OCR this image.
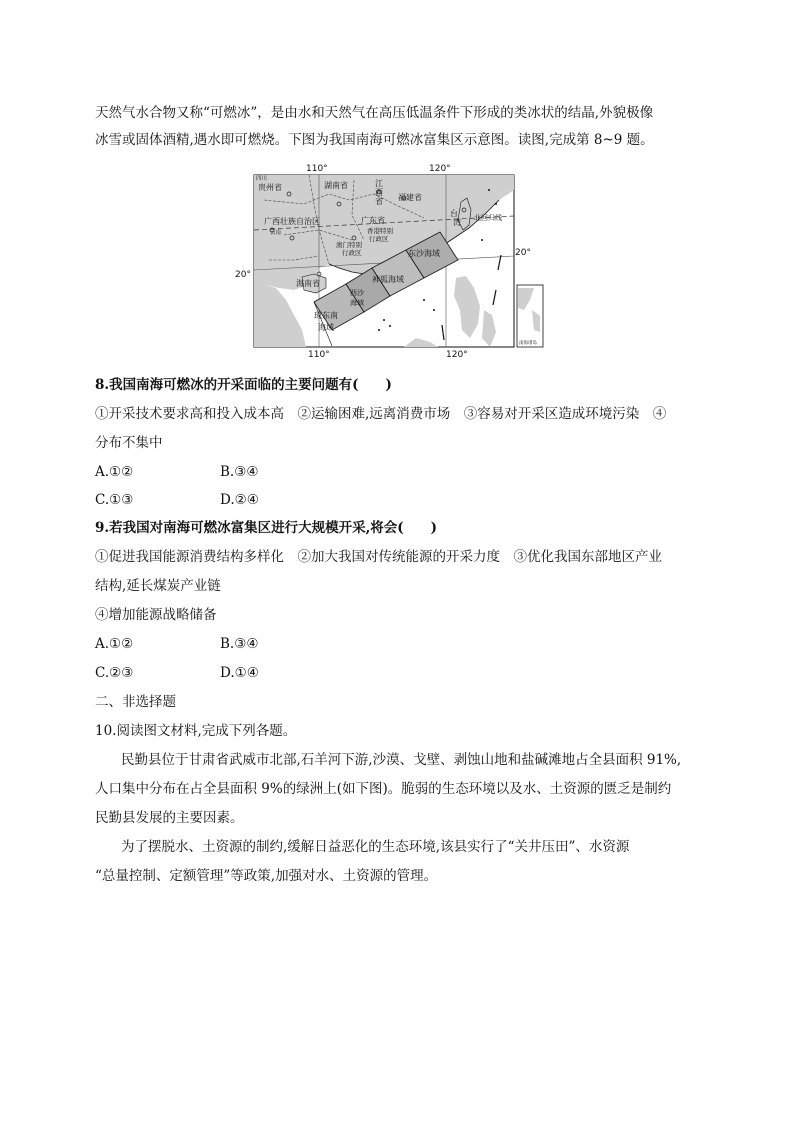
天然气水合物又称“可燃冰”，是由水和天然气在高压低温条件下形成的类冰状的结晶,外貌极像
冰雪或固体酒精,遇水即可燃烧。下图为我国南海可燃冰富集区示意图。读图,完成第 8~9 题。
110°	120°
110°	120°
20°
20°
四川
贵州省	湖南省	江
西
省 福建省
台
湾
广西壮族自治区
云南
广东省
香港特别
行政区
澳门特别
行政区
海南省
北回归线
东沙海域
神狐海域
西沙
海域
琼东南
海域
南海诸岛
8.我国南海可燃冰的开采面临的主要问题有(　　)
①开采技术要求高和投入成本高　②运输困难,远离消费市场　③容易对开采区造成环境污染　④
分布不集中
A.①②	B.③④
C.①③	D.②④
9.若我国对南海可燃冰富集区进行大规模开采,将会(　　)
①促进我国能源消费结构多样化　②加大我国对传统能源的开采力度　③优化我国东部地区产业
结构,延长煤炭产业链
④增加能源战略储备
A.①②	B.③④
C.②③	D.①④
二、非选择题
10.阅读图文材料,完成下列各题。
民勤县位于甘肃省武威市北部,石羊河下游,沙漠、戈壁、剥蚀山地和盐碱滩地占全县面积 91%,
人口集中分布在占全县面积 9%的绿洲上(如下图)。脆弱的生态环境以及水、土资源的匮乏是制约
民勤县发展的主要因素。
为了摆脱水、土资源的制约,缓解日益恶化的生态环境,该县实行了“关井压田”、水资源
“总量控制、定额管理”等政策,加强对水、土资源的管理。
